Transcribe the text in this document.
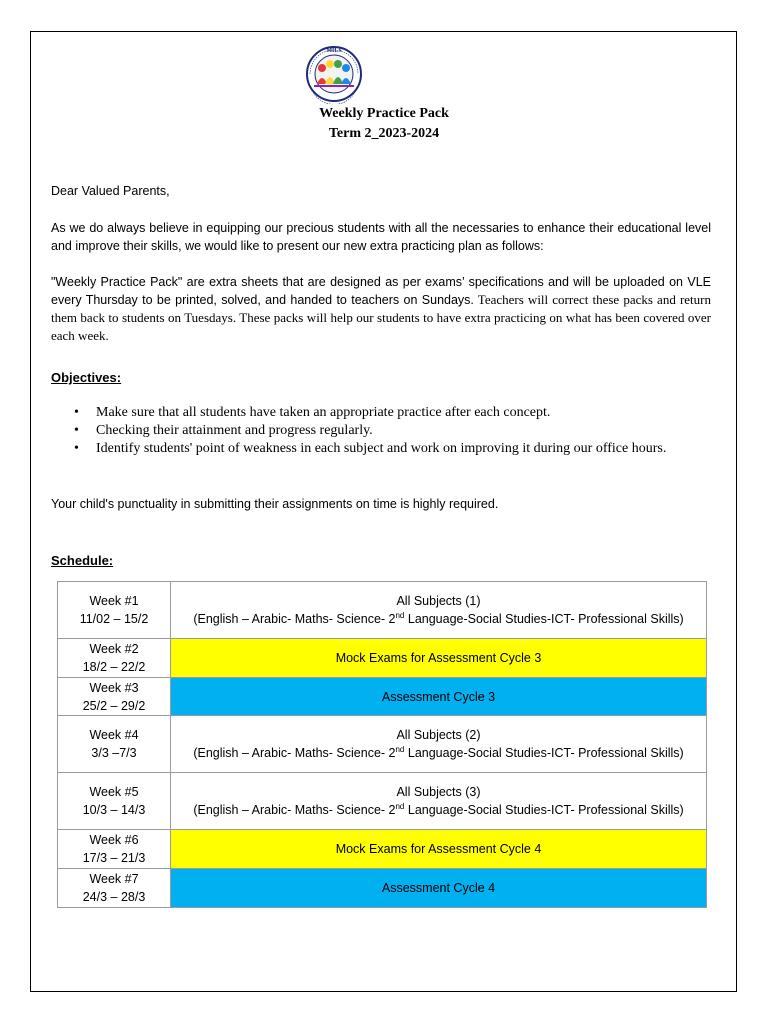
MILS
Weekly Practice Pack
Term 2_2023-2024
Dear Valued Parents,
As we do always believe in equipping our precious students with all the necessaries to enhance their educational level and improve their skills, we would like to present our new extra practicing plan as follows:
"Weekly Practice Pack" are extra sheets that are designed as per exams’ specifications and will be uploaded on VLE every Thursday to be printed, solved, and handed to teachers on Sundays. Teachers will correct these packs and return them back to students on Tuesdays. These packs will help our students to have extra practicing on what has been covered over each week.
Objectives:
• Make sure that all students have taken an appropriate practice after each concept.
• Checking their attainment and progress regularly.
• Identify students' point of weakness in each subject and work on improving it during our office hours.
Your child's punctuality in submitting their assignments on time is highly required.
Schedule:
Week #1
11/02 – 15/2	All Subjects (1)
(English – Arabic- Maths- Science- 2nd Language-Social Studies-ICT- Professional Skills)
Week #2
18/2 – 22/2	Mock Exams for Assessment Cycle 3
Week #3
25/2 – 29/2	Assessment Cycle 3
Week #4
3/3 –7/3	All Subjects (2)
(English – Arabic- Maths- Science- 2nd Language-Social Studies-ICT- Professional Skills)
Week #5
10/3 – 14/3	All Subjects (3)
(English – Arabic- Maths- Science- 2nd Language-Social Studies-ICT- Professional Skills)
Week #6
17/3 – 21/3	Mock Exams for Assessment Cycle 4
Week #7
24/3 – 28/3	Assessment Cycle 4
